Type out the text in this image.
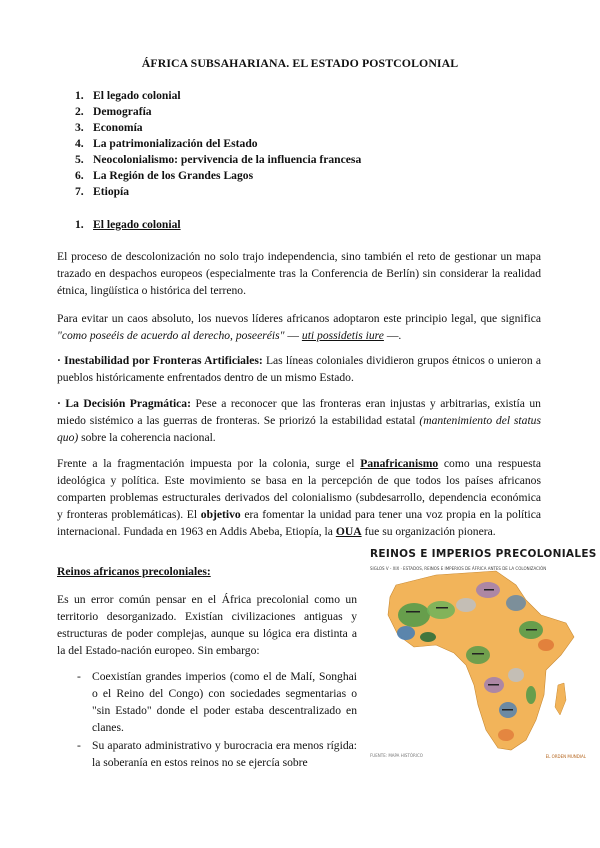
ÁFRICA SUBSAHARIANA. EL ESTADO POSTCOLONIAL
1. El legado colonial
2. Demografía
3. Economía
4. La patrimonialización del Estado
5. Neocolonialismo: pervivencia de la influencia francesa
6. La Región de los Grandes Lagos
7. Etiopía
1. El legado colonial

El proceso de descolonización no solo trajo independencia, sino también el reto de gestionar un mapa trazado en despachos europeos (especialmente tras la Conferencia de Berlín) sin considerar la realidad étnica, lingüística o histórica del terreno.

Para evitar un caos absoluto, los nuevos líderes africanos adoptaron este principio legal, que significa "como poseéis de acuerdo al derecho, poseeréis" — uti possidetis iure —.

· Inestabilidad por Fronteras Artificiales: Las líneas coloniales dividieron grupos étnicos o unieron a pueblos históricamente enfrentados dentro de un mismo Estado.

· La Decisión Pragmática: Pese a reconocer que las fronteras eran injustas y arbitrarias, existía un miedo sistémico a las guerras de fronteras. Se priorizó la estabilidad estatal (mantenimiento del status quo) sobre la coherencia nacional.

Frente a la fragmentación impuesta por la colonia, surge el Panafricanismo como una respuesta ideológica y política. Este movimiento se basa en la percepción de que todos los países africanos comparten problemas estructurales derivados del colonialismo (subdesarrollo, dependencia económica y fronteras problemáticas). El objetivo era fomentar la unidad para tener una voz propia en la política internacional. Fundada en 1963 en Addis Abeba, Etiopía, la OUA fue su organización pionera.

Reinos africanos precoloniales:

Es un error común pensar en el África precolonial como un territorio desorganizado. Existían civilizaciones antiguas y estructuras de poder complejas, aunque su lógica era distinta a la del Estado-nación europeo. Sin embargo:

- Coexistían grandes imperios (como el de Malí, Songhai o el Reino del Congo) con sociedades segmentarias o "sin Estado" donde el poder estaba descentralizado en clanes.
- Su aparato administrativo y burocracia era menos rígida: la soberanía en estos reinos no se ejercía sobre
REINOS E IMPERIOS PRECOLONIALES
SIGLOS V - XIX · ESTADOS, REINOS E IMPERIOS DE ÁFRICA ANTES DE LA COLONIZACIÓN
FUENTE: MAPA HISTÓRICO	EL ORDEN MUNDIAL
